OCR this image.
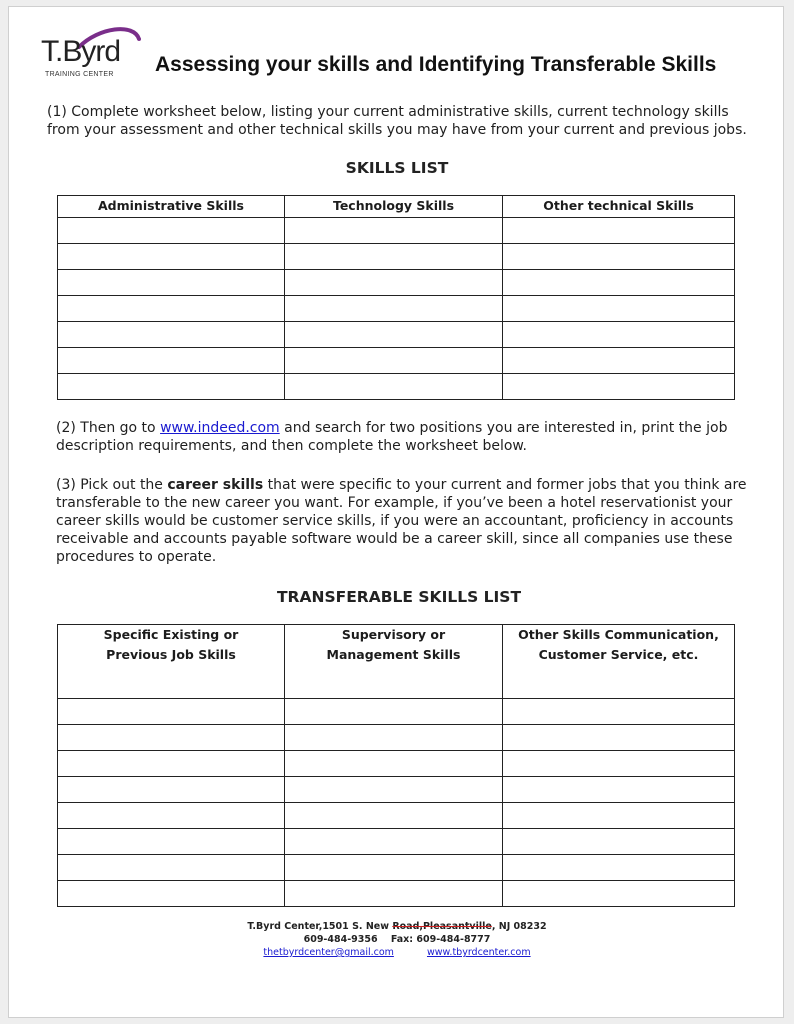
T.Byrd
TRAINING CENTER Assessing your skills and Identifying Transferable Skills
(1) Complete worksheet below, listing your current administrative skills, current technology skills from your assessment and other technical skills you may have from your current and previous jobs.
SKILLS LIST
Administrative Skills	Technology Skills	Other technical Skills

(2) Then go to www.indeed.com and search for two positions you are interested in, print the job description requirements, and then complete the worksheet below.
(3) Pick out the career skills that were specific to your current and former jobs that you think are transferable to the new career you want. For example, if you’ve been a hotel reservationist your career skills would be customer service skills, if you were an accountant, proficiency in accounts receivable and accounts payable software would be a career skill, since all companies use these procedures to operate.
TRANSFERABLE SKILLS LIST
Specific Existing or Previous Job Skills	Supervisory or Management Skills	Other Skills Communication, Customer Service, etc.

T.Byrd Center,1501 S. New Road,Pleasantville, NJ 08232
609-484-9356 Fax: 609-484-8777
thetbyrdcenter@gmail.com	www.tbyrdcenter.com
